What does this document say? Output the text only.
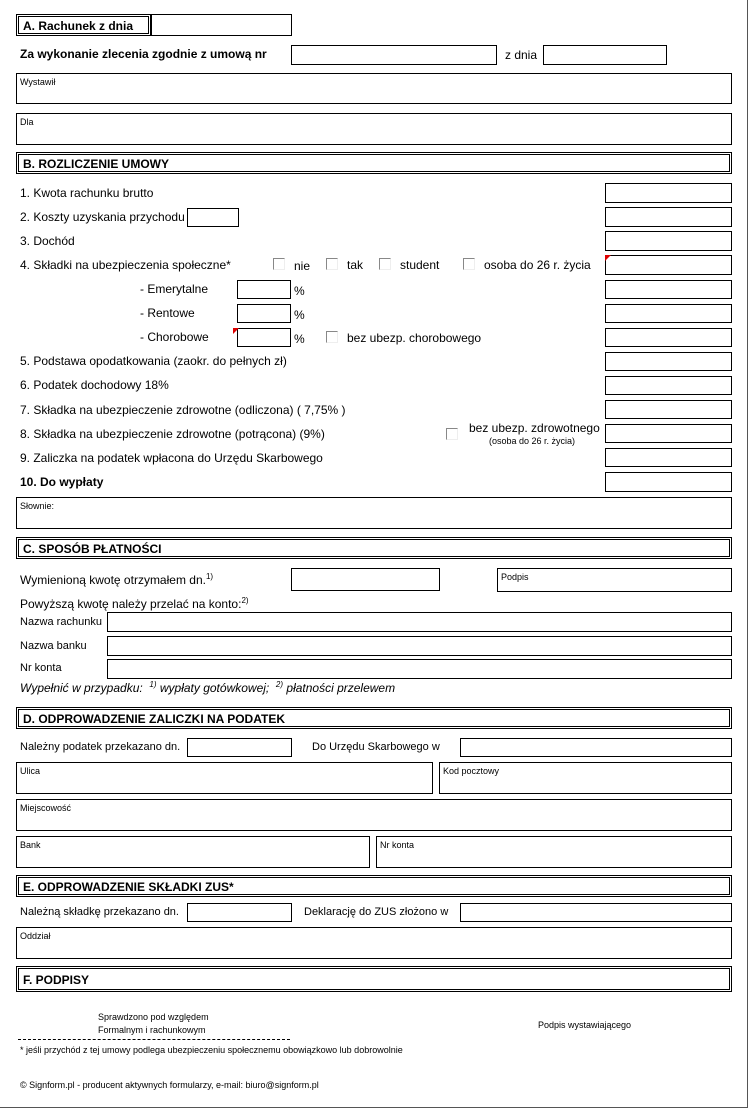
A. Rachunek z dnia
Za wykonanie zlecenia zgodnie z umową nr	z dnia
Wystawił
Dla
B. ROZLICZENIE UMOWY
1. Kwota rachunku brutto
2. Koszty uzyskania przychodu
3. Dochód
4. Składki na ubezpieczenia społeczne*	nie	tak	student	osoba do 26 r. życia
- Emerytalne	%
- Rentowe	%
- Chorobowe	%	bez ubezp. chorobowego
5. Podstawa opodatkowania (zaokr. do pełnych zł)
6. Podatek dochodowy 18%
7. Składka na ubezpieczenie zdrowotne (odliczona) ( 7,75% )
8. Składka na ubezpieczenie zdrowotne (potrącona) (9%)	bez ubezp. zdrowotnego
(osoba do 26 r. życia)
9. Zaliczka na podatek wpłacona do Urzędu Skarbowego
10. Do wypłaty
Słownie:
C. SPOSÓB PŁATNOŚCI
Wymienioną kwotę otrzymałem dn.$^{1)}$	Podpis
Powyższą kwotę należy przelać na konto:$^{2)}$
Nazwa rachunku
Nazwa banku
Nr konta
Wypełnić w przypadku: $^{1)}$ wypłaty gotówkowej; $^{2)}$ płatności przelewem
D. ODPROWADZENIE ZALICZKI NA PODATEK
Należny podatek przekazano dn.	Do Urzędu Skarbowego w
Ulica	Kod pocztowy
Miejscowość
Bank	Nr konta
E. ODPROWADZENIE SKŁADKI ZUS*
Należną składkę przekazano dn.	Deklarację do ZUS złożono w
Oddział
F. PODPISY
Sprawdzono pod względem
Formalnym i rachunkowym	Podpis wystawiającego
* jeśli przychód z tej umowy podlega ubezpieczeniu społecznemu obowiązkowo lub dobrowolnie
© Signform.pl - producent aktywnych formularzy, e-mail: biuro@signform.pl
